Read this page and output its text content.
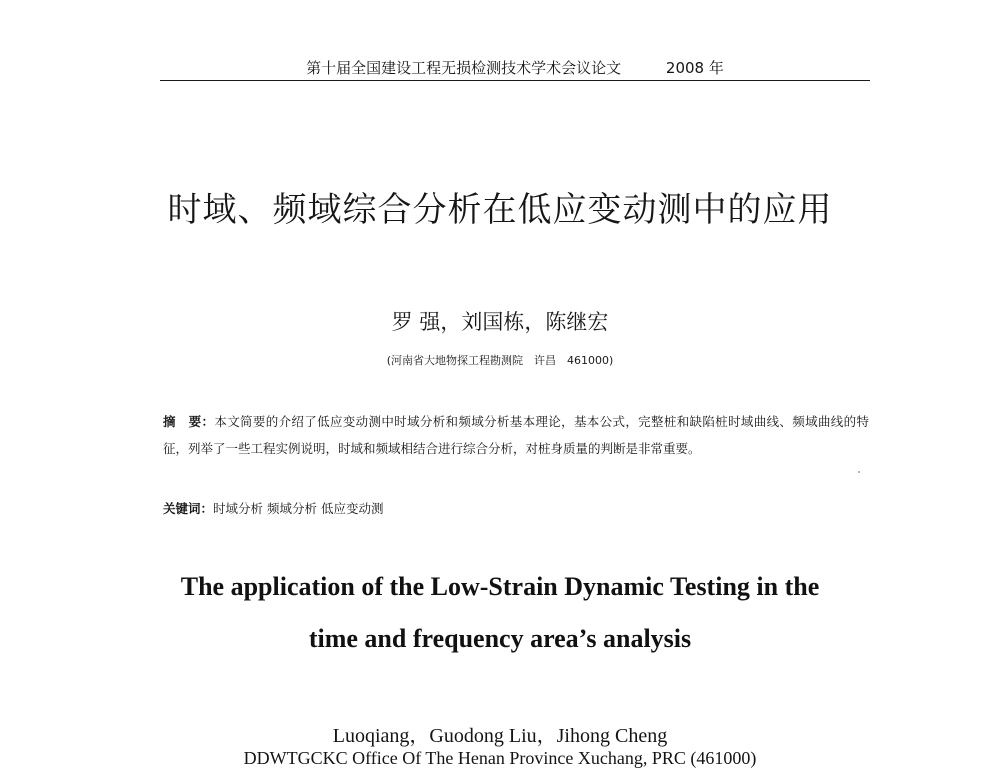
第十届全国建设工程无损检测技术学术会议论文	2008 年
时域、频域综合分析在低应变动测中的应用
罗 强，刘国栋，陈继宏
(河南省大地物探工程勘测院　许昌　461000)
摘　要：本文简要的介绍了低应变动测中时域分析和频域分析基本理论，基本公式，完整桩和缺陷桩时域曲线、频域曲线的特征，列举了一些工程实例说明，时域和频域相结合进行综合分析，对桩身质量的判断是非常重要。
关键词：时域分析 频域分析 低应变动测
The application of the Low-Strain Dynamic Testing in the
time and frequency area’s analysis
Luoqiang，Guodong Liu，Jihong Cheng
DDWTGCKC Office Of The Henan Province Xuchang, PRC (461000)
